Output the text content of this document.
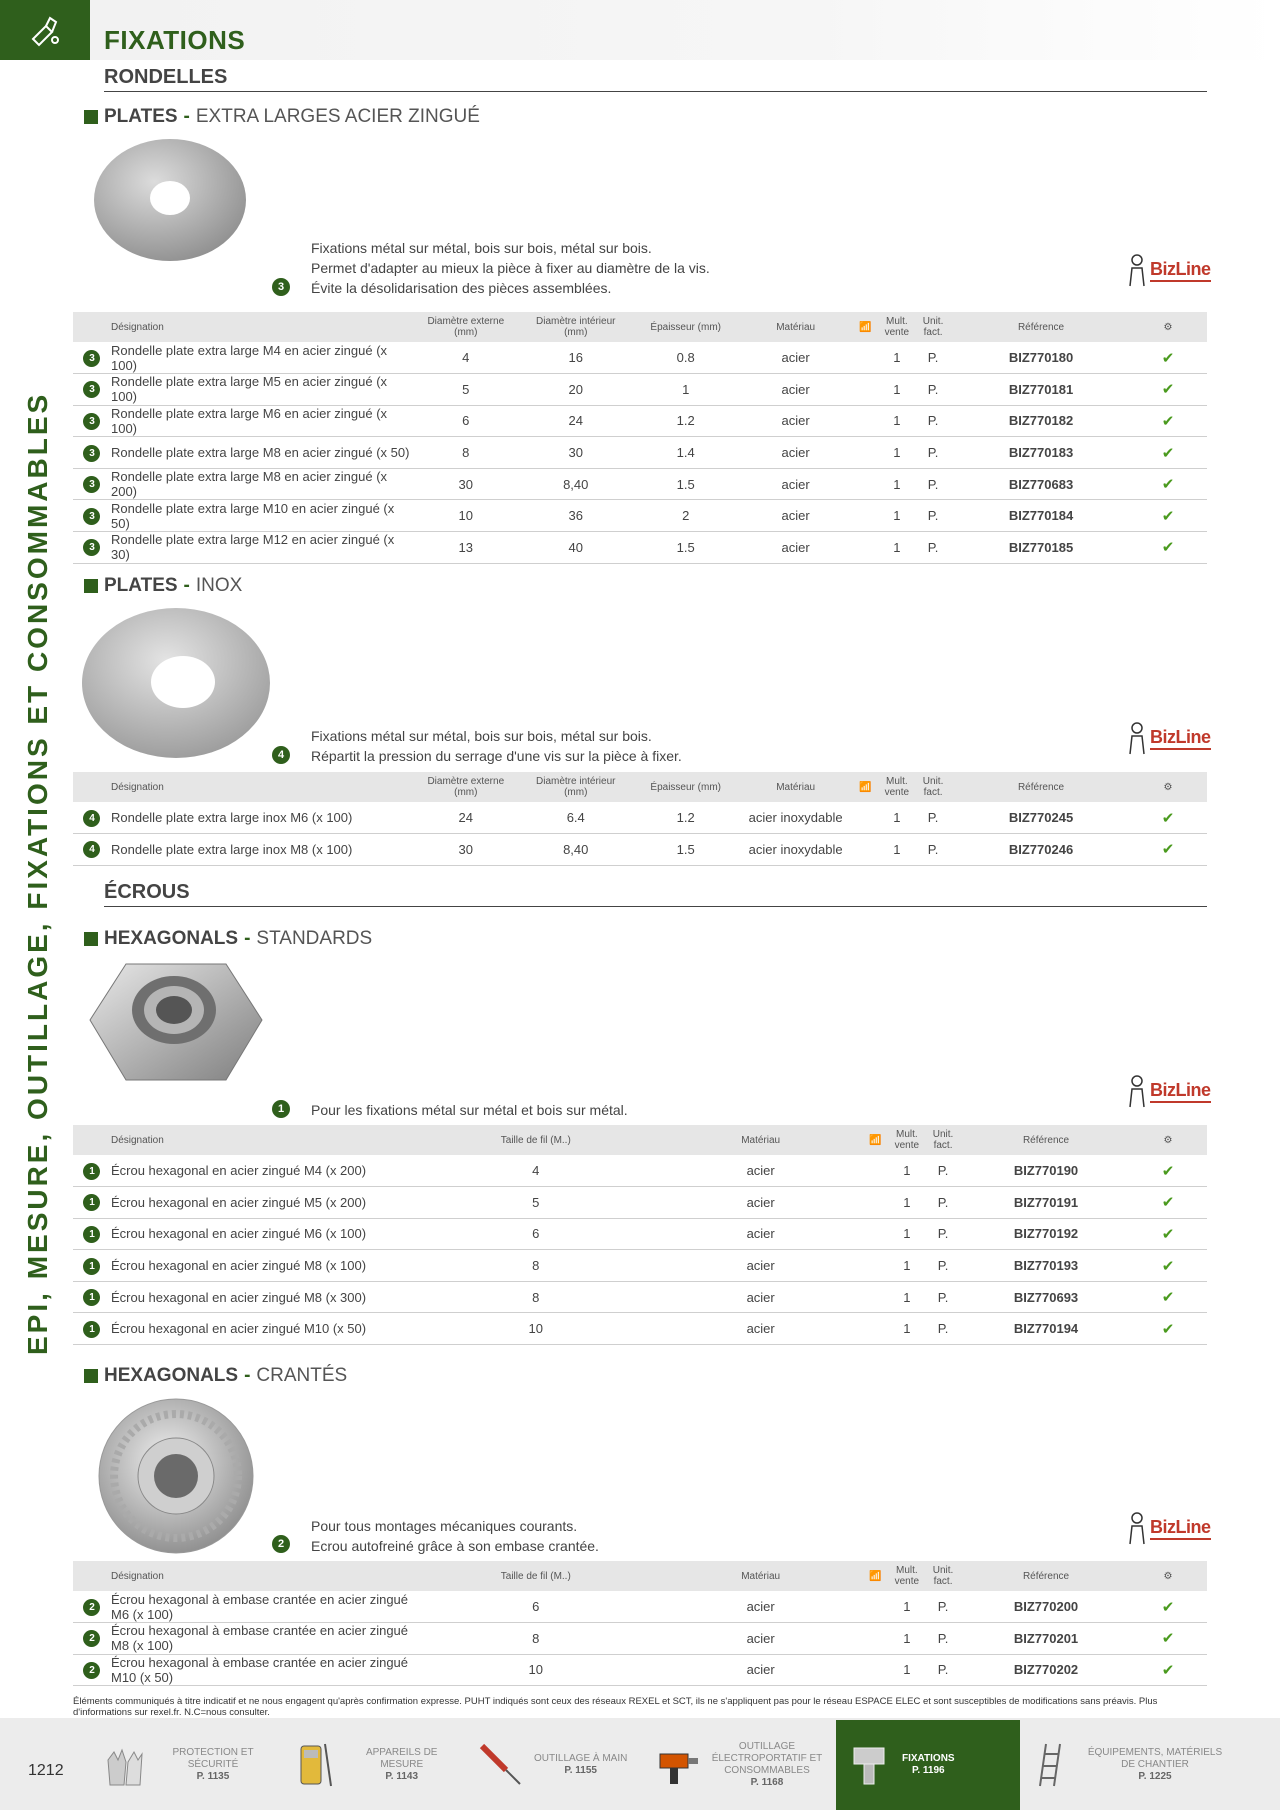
FIXATIONS
EPI, MESURE, OUTILLAGE, FIXATIONS ET CONSOMMABLES
RONDELLES
PLATES - EXTRA LARGES ACIER ZINGUÉ
3
Fixations métal sur métal, bois sur bois, métal sur bois.
Permet d'adapter au mieux la pièce à fixer au diamètre de la vis.
Évite la désolidarisation des pièces assemblées.
BizLine
	Désignation	Diamètre externe (mm)	Diamètre intérieur (mm)	Épaisseur (mm)	Matériau	📶	Mult. vente	Unit. fact.	Référence	⚙
3	Rondelle plate extra large M4 en acier zingué (x 100)	4	16	0.8	acier		1	P.	BIZ770180	✔
3	Rondelle plate extra large M5 en acier zingué (x 100)	5	20	1	acier		1	P.	BIZ770181	✔
3	Rondelle plate extra large M6 en acier zingué (x 100)	6	24	1.2	acier		1	P.	BIZ770182	✔
3	Rondelle plate extra large M8 en acier zingué (x 50)	8	30	1.4	acier		1	P.	BIZ770183	✔
3	Rondelle plate extra large M8 en acier zingué (x 200)	30	8,40	1.5	acier		1	P.	BIZ770683	✔
3	Rondelle plate extra large M10 en acier zingué (x 50)	10	36	2	acier		1	P.	BIZ770184	✔
3	Rondelle plate extra large M12 en acier zingué (x 30)	13	40	1.5	acier		1	P.	BIZ770185	✔
PLATES - INOX
4
Fixations métal sur métal, bois sur bois, métal sur bois.
Répartit la pression du serrage d'une vis sur la pièce à fixer.
BizLine
	Désignation	Diamètre externe (mm)	Diamètre intérieur (mm)	Épaisseur (mm)	Matériau	📶	Mult. vente	Unit. fact.	Référence	⚙
4	Rondelle plate extra large inox M6 (x 100)	24	6.4	1.2	acier inoxydable		1	P.	BIZ770245	✔
4	Rondelle plate extra large inox M8 (x 100)	30	8,40	1.5	acier inoxydable		1	P.	BIZ770246	✔
ÉCROUS
HEXAGONALS - STANDARDS
1	Pour les fixations métal sur métal et bois sur métal.
BizLine
	Désignation	Taille de fil (M..)	Matériau	📶	Mult. vente	Unit. fact.	Référence	⚙
1	Écrou hexagonal en acier zingué M4 (x 200)	4	acier		1	P.	BIZ770190	✔
1	Écrou hexagonal en acier zingué M5 (x 200)	5	acier		1	P.	BIZ770191	✔
1	Écrou hexagonal en acier zingué M6 (x 100)	6	acier		1	P.	BIZ770192	✔
1	Écrou hexagonal en acier zingué M8 (x 100)	8	acier		1	P.	BIZ770193	✔
1	Écrou hexagonal en acier zingué M8 (x 300)	8	acier		1	P.	BIZ770693	✔
1	Écrou hexagonal en acier zingué M10 (x 50)	10	acier		1	P.	BIZ770194	✔
HEXAGONALS - CRANTÉS
2
Pour tous montages mécaniques courants.
Ecrou autofreiné grâce à son embase crantée.
BizLine
	Désignation	Taille de fil (M..)	Matériau	📶	Mult. vente	Unit. fact.	Référence	⚙
2	Écrou hexagonal à embase crantée en acier zingué M6 (x 100)	6	acier		1	P.	BIZ770200	✔
2	Écrou hexagonal à embase crantée en acier zingué M8 (x 100)	8	acier		1	P.	BIZ770201	✔
2	Écrou hexagonal à embase crantée en acier zingué M10 (x 50)	10	acier		1	P.	BIZ770202	✔
Éléments communiqués à titre indicatif et ne nous engagent qu'après confirmation expresse. PUHT indiqués sont ceux des réseaux REXEL et SCT, ils ne s'appliquent pas pour le réseau ESPACE ELEC et sont susceptibles de modifications sans préavis. Plus d'informations sur rexel.fr. N.C=nous consulter.
1212
PROTECTION ET SÉCURITÉ
P. 1135
APPAREILS DE MESURE
P. 1143
OUTILLAGE À MAIN
P. 1155
OUTILLAGE ÉLECTROPORTATIF ET CONSOMMABLES
P. 1168
FIXATIONS
P. 1196
ÉQUIPEMENTS, MATÉRIELS DE CHANTIER
P. 1225
